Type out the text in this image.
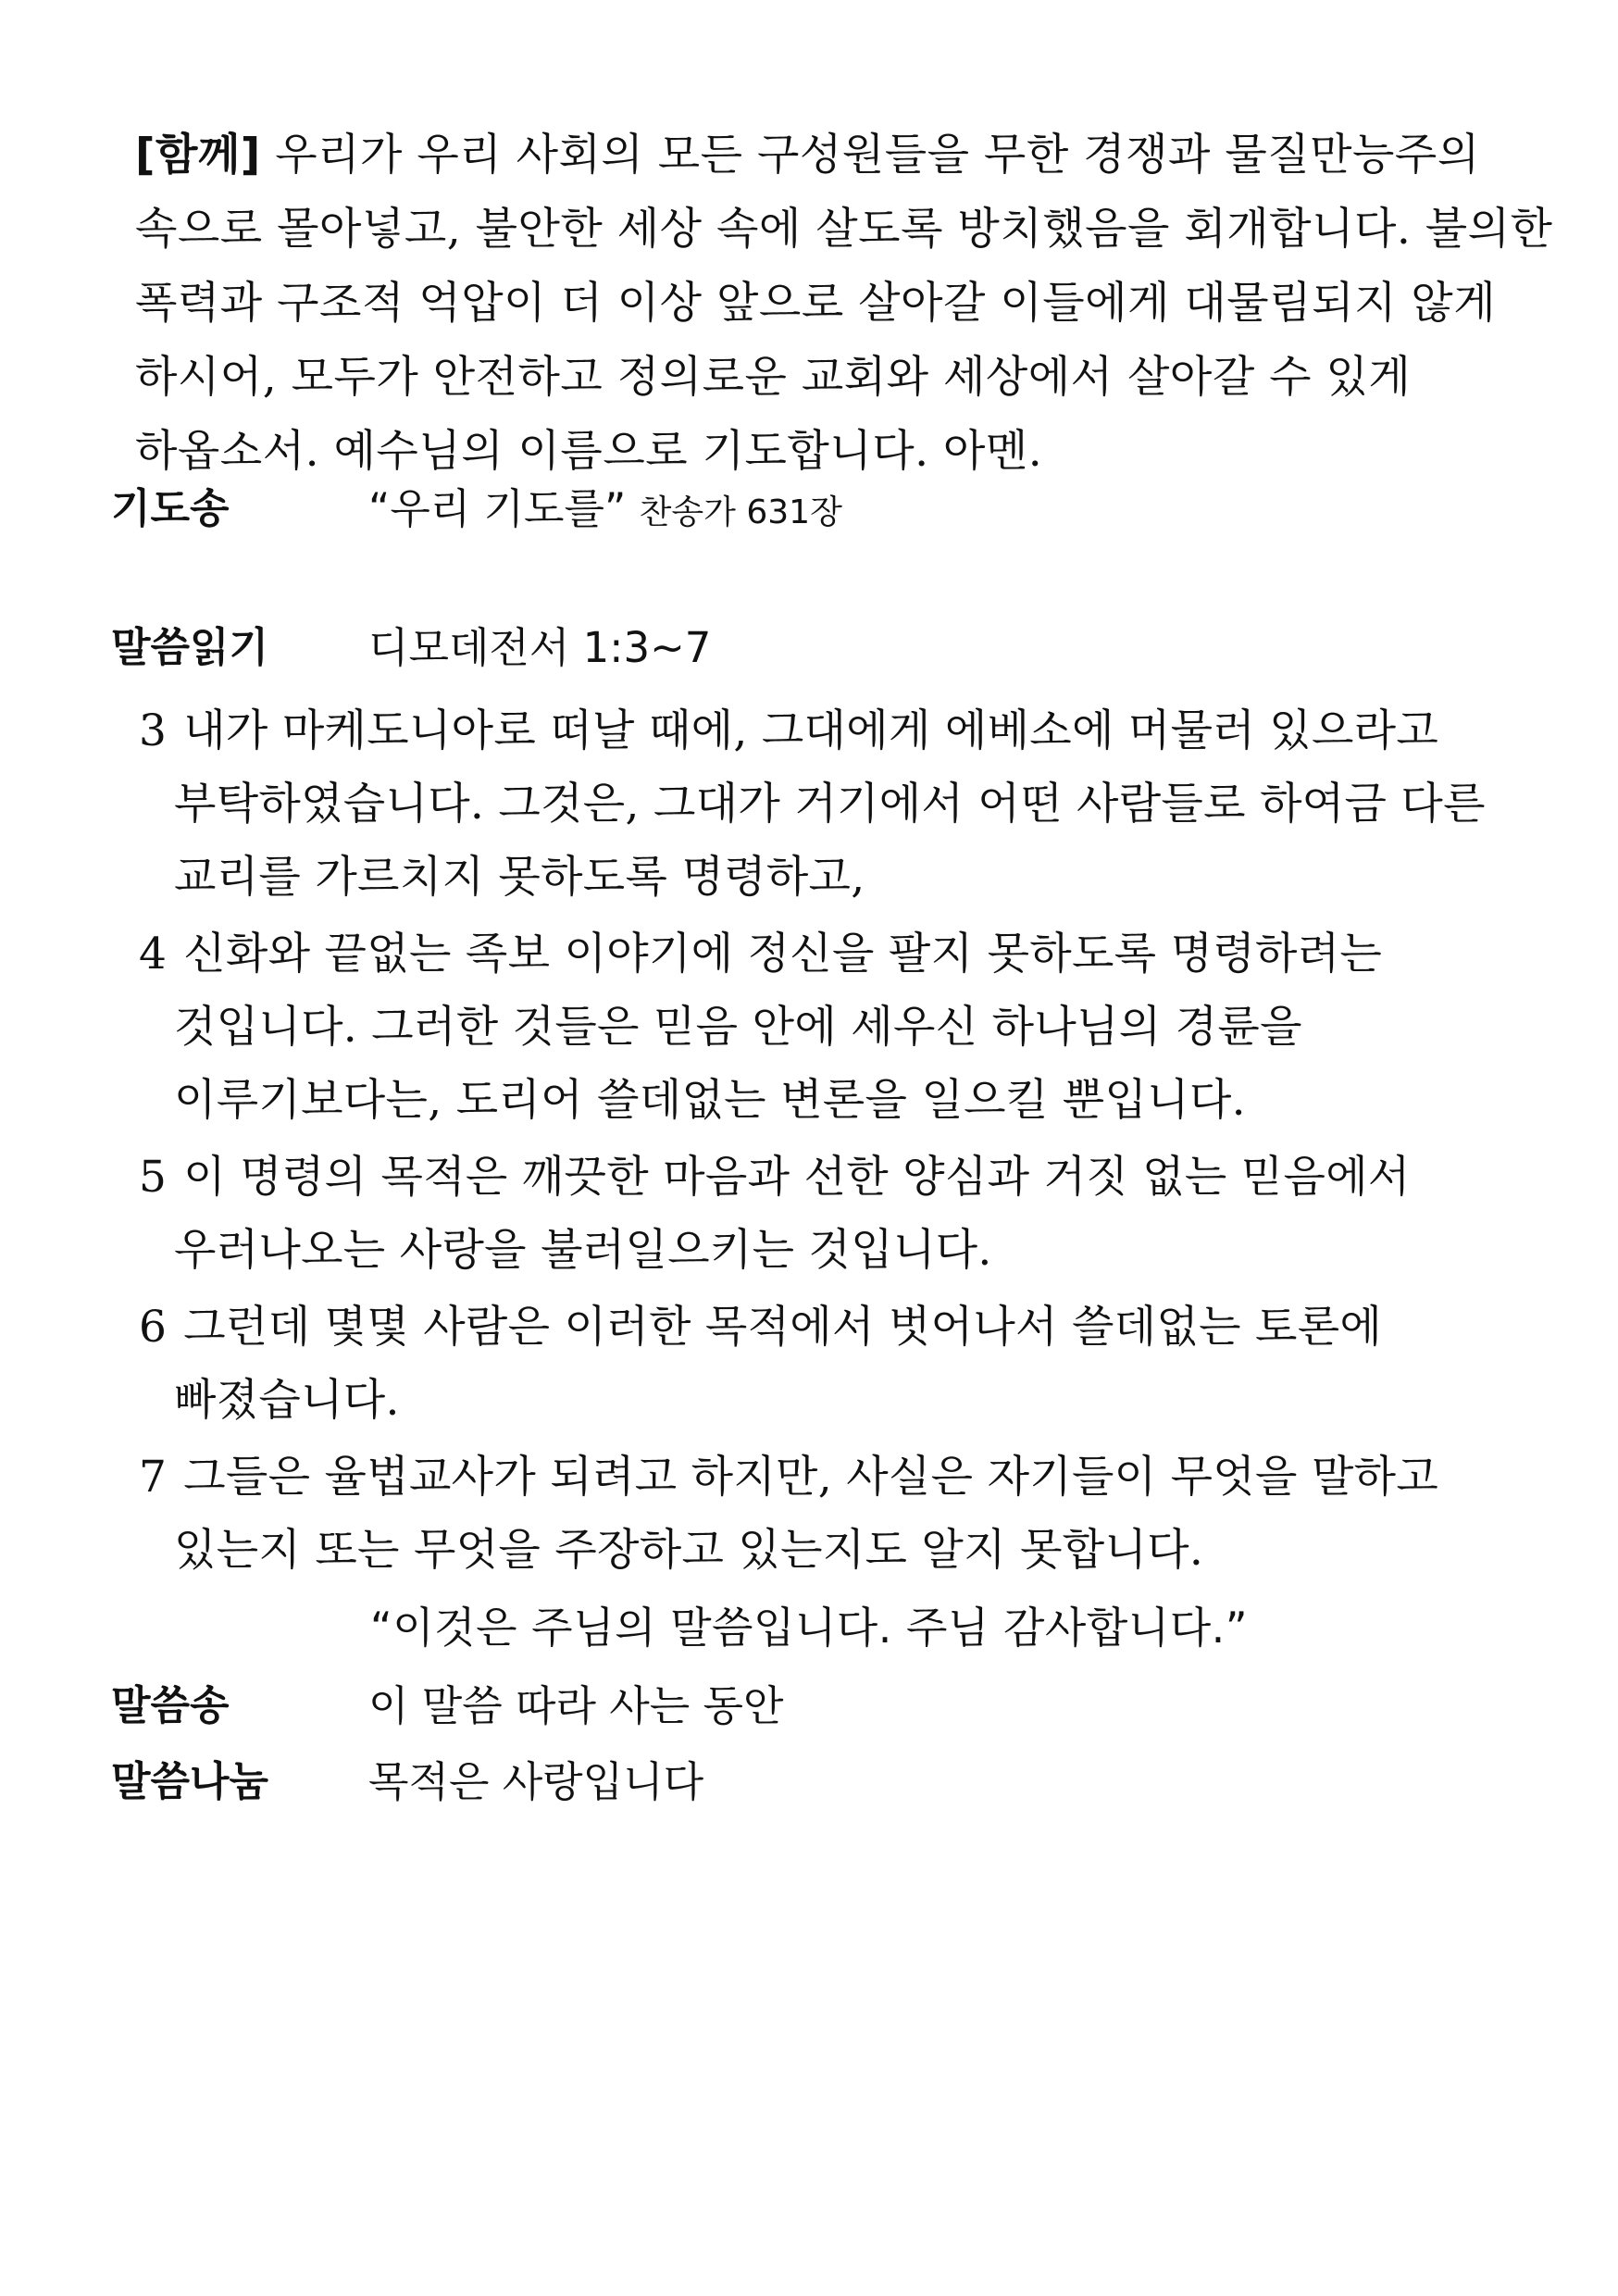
[함께] 우리가 우리 사회의 모든 구성원들을 무한 경쟁과 물질만능주의
속으로 몰아넣고, 불안한 세상 속에 살도록 방치했음을 회개합니다. 불의한
폭력과 구조적 억압이 더 이상 앞으로 살아갈 이들에게 대물림되지 않게
하시어, 모두가 안전하고 정의로운 교회와 세상에서 살아갈 수 있게
하옵소서. 예수님의 이름으로 기도합니다. 아멘.
기도송	“우리 기도를” 찬송가 631장
말씀읽기 디모데전서 1:3~7
3 내가 마케도니아로 떠날 때에, 그대에게 에베소에 머물러 있으라고
부탁하였습니다. 그것은, 그대가 거기에서 어떤 사람들로 하여금 다른
교리를 가르치지 못하도록 명령하고,
4 신화와 끝없는 족보 이야기에 정신을 팔지 못하도록 명령하려는
것입니다. 그러한 것들은 믿음 안에 세우신 하나님의 경륜을
이루기보다는, 도리어 쓸데없는 변론을 일으킬 뿐입니다.
5 이 명령의 목적은 깨끗한 마음과 선한 양심과 거짓 없는 믿음에서
우러나오는 사랑을 불러일으키는 것입니다.
6 그런데 몇몇 사람은 이러한 목적에서 벗어나서 쓸데없는 토론에
빠졌습니다.
7 그들은 율법교사가 되려고 하지만, 사실은 자기들이 무엇을 말하고
있는지 또는 무엇을 주장하고 있는지도 알지 못합니다.
“이것은 주님의 말씀입니다. 주님 감사합니다.”
말씀송	이 말씀 따라 사는 동안
말씀나눔 목적은 사랑입니다
